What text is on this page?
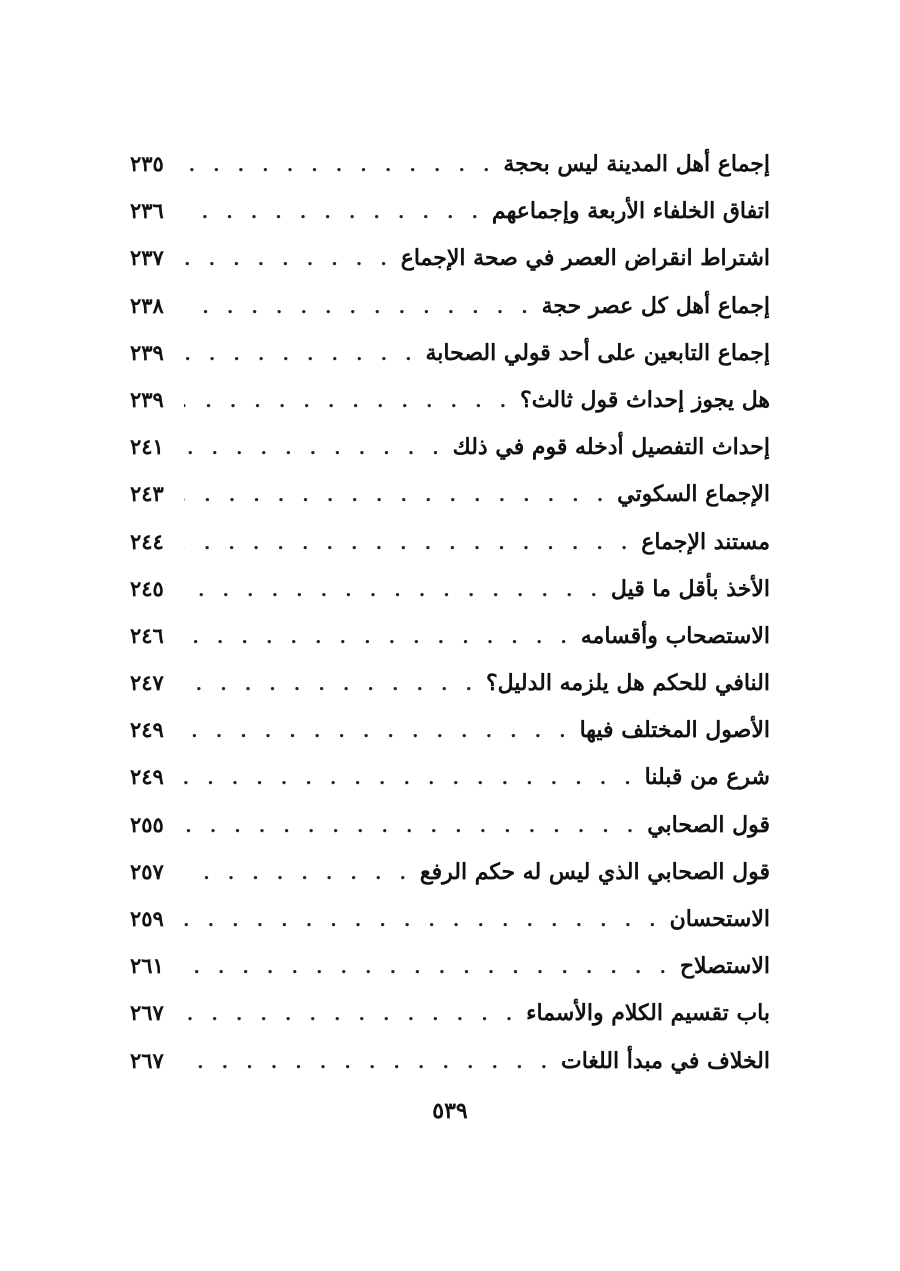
إجماع أهل المدينة ليس بحجة
. . .
٢٣٥
اتفاق الخلفاء الأربعة وإجماعهم
. . .
٢٣٦
اشتراط انقراض العصر في صحة الإجماع
. . .
٢٣٧
إجماع أهل كل عصر حجة
. . .
٢٣٨
إجماع التابعين على أحد قولي الصحابة
. . .
٢٣٩
هل يجوز إحداث قول ثالث؟
. . .
٢٣٩
إحداث التفصيل أدخله قوم في ذلك
. . .
٢٤١
الإجماع السكوتي
. . .
٢٤٣
مستند الإجماع
. . .
٢٤٤
الأخذ بأقل ما قيل
. . .
٢٤٥
الاستصحاب وأقسامه
. . .
٢٤٦
النافي للحكم هل يلزمه الدليل؟
. . .
٢٤٧
الأصول المختلف فيها
. . .
٢٤٩
شرع من قبلنا
. . .
٢٤٩
قول الصحابي
. . .
٢٥٥
قول الصحابي الذي ليس له حكم الرفع
. . .
٢٥٧
الاستحسان
. . .
٢٥٩
الاستصلاح
. . .
٢٦١
باب تقسيم الكلام والأسماء
. . .
٢٦٧
الخلاف في مبدأ اللغات
. . .
٢٦٧
٥٣٩
